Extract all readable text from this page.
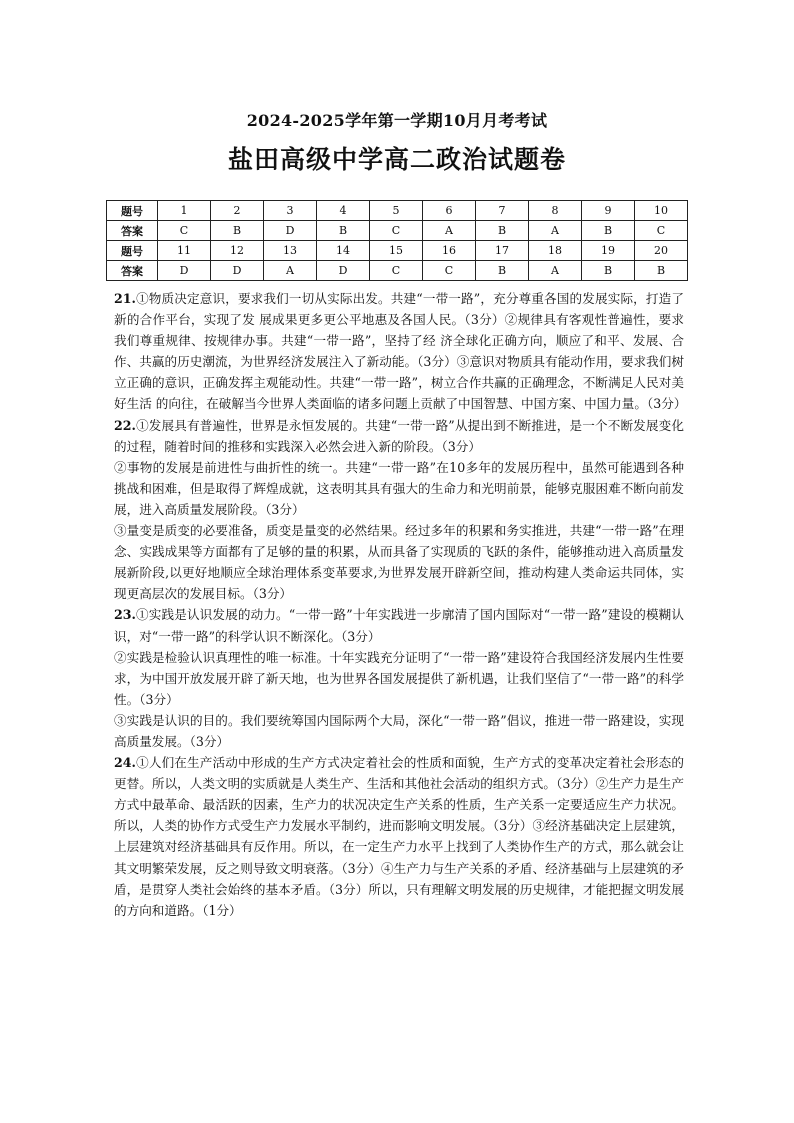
2024-2025学年第一学期10月月考考试
盐田高级中学高二政治试题卷
题号	1	2	3	4	5	6	7	8	9	10
答案	C	B	D	B	C	A	B	A	B	C
题号	11	12	13	14	15	16	17	18	19	20
答案	D	D	A	D	C	C	B	A	B	B

21.①物质决定意识，要求我们一切从实际出发。共建“一带一路”，充分尊重各国的发展实际，打造了新的合作平台，实现了发 展成果更多更公平地惠及各国人民。（3分）②规律具有客观性普遍性，要求我们尊重规律、按规律办事。共建“一带一路”，坚持了经 济全球化正确方向，顺应了和平、发展、合作、共赢的历史潮流，为世界经济发展注入了新动能。（3分）③意识对物质具有能动作用，要求我们树立正确的意识，正确发挥主观能动性。共建“一带一路”，树立合作共赢的正确理念，不断满足人民对美好生活 的向往，在破解当今世界人类面临的诸多问题上贡献了中国智慧、中国方案、中国力量。（3分）

22.①发展具有普遍性，世界是永恒发展的。共建“一带一路”从提出到不断推进，是一个不断发展变化的过程，随着时间的推移和实践深入必然会进入新的阶段。（3分）

②事物的发展是前进性与曲折性的统一。共建“一带一路”在10多年的发展历程中，虽然可能遇到各种挑战和困难，但是取得了辉煌成就，这表明其具有强大的生命力和光明前景，能够克服困难不断向前发展，进入高质量发展阶段。（3分）

③量变是质变的必要准备，质变是量变的必然结果。经过多年的积累和务实推进，共建“一带一路”在理念、实践成果等方面都有了足够的量的积累，从而具备了实现质的飞跃的条件，能够推动进入高质量发展新阶段,以更好地顺应全球治理体系变革要求,为世界发展开辟新空间，推动构建人类命运共同体，实现更高层次的发展目标。（3分）

23.①实践是认识发展的动力。“一带一路”十年实践进一步廓清了国内国际对“一带一路”建设的模糊认识，对“一带一路”的科学认识不断深化。（3分）

②实践是检验认识真理性的唯一标准。十年实践充分证明了“一带一路”建设符合我国经济发展内生性要求，为中国开放发展开辟了新天地，也为世界各国发展提供了新机遇，让我们坚信了“一带一路”的科学性。（3分）

③实践是认识的目的。我们要统筹国内国际两个大局，深化“一带一路”倡议，推进一带一路建设，实现高质量发展。（3分）

24.①人们在生产活动中形成的生产方式决定着社会的性质和面貌，生产方式的变革决定着社会形态的更替。所以，人类文明的实质就是人类生产、生活和其他社会活动的组织方式。（3分）②生产力是生产方式中最革命、最活跃的因素，生产力的状况决定生产关系的性质，生产关系一定要适应生产力状况。所以，人类的协作方式受生产力发展水平制约，进而影响文明发展。（3分）③经济基础决定上层建筑，上层建筑对经济基础具有反作用。所以，在一定生产力水平上找到了人类协作生产的方式，那么就会让其文明繁荣发展，反之则导致文明衰落。（3分）④生产力与生产关系的矛盾、经济基础与上层建筑的矛盾，是贯穿人类社会始终的基本矛盾。（3分）所以，只有理解文明发展的历史规律，才能把握文明发展的方向和道路。（1分）
